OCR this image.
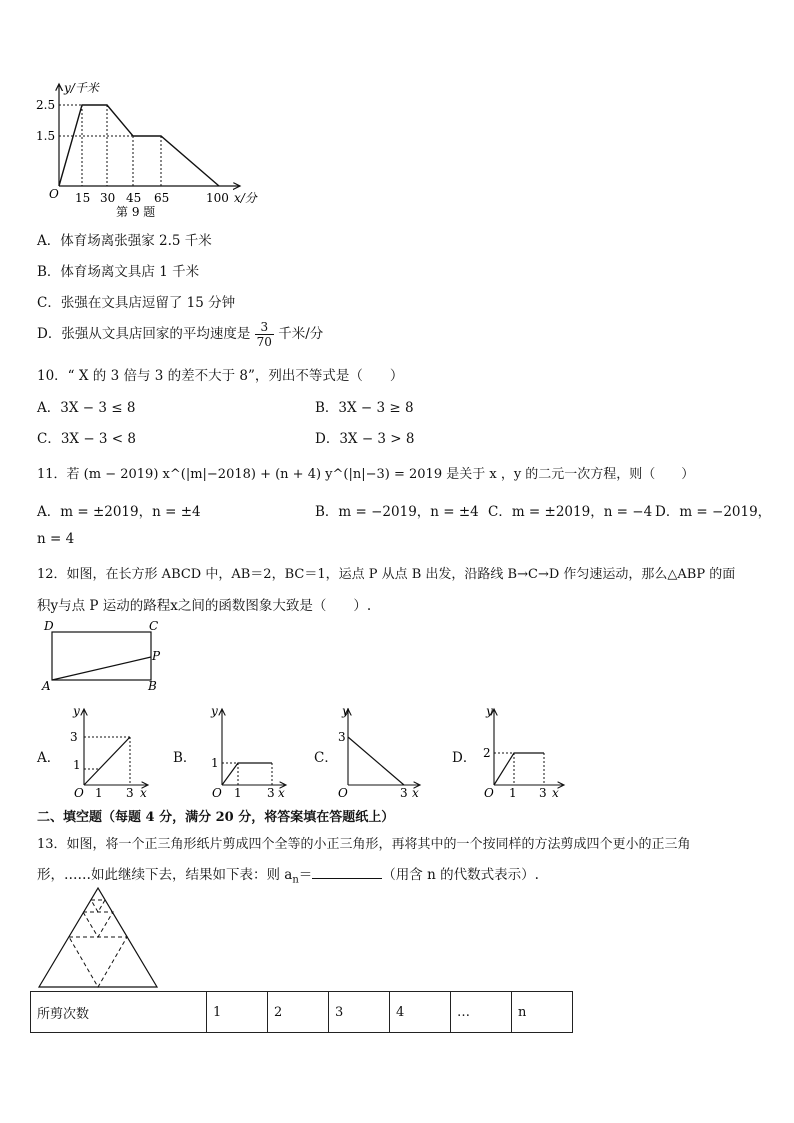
y/千米
2.5
1.5
O 15 30 45 65	100 x/分
第 9 题
A．体育场离张强家 2.5 千米
B．体育场离文具店 1 千米
C．张强在文具店逗留了 15 分钟
D．张强从文具店回家的平均速度是 $\frac{3}{70}$ 千米/分
10．“ X 的 3 倍与 3 的差不大于 8”，列出不等式是（　　）
A．3X − 3 ≤ 8	B．3X − 3 ≥ 8
C．3X − 3 < 8	D．3X − 3 > 8
11．若 (m − 2019) x^(|m|−2018) + (n + 4) y^(|n|−3) = 2019 是关于 x ，y 的二元一次方程，则（　　）
A．m = ±2019，n = ±4	B．m = −2019，n = ±4 C．m = ±2019，n = −4 D．m = −2019，
n = 4
12．如图，在长方形 ABCD 中，AB＝2，BC＝1，运点 P 从点 B 出发，沿路线 B→C→D 作匀速运动，那么△ABP 的面
积y与点 P 运动的路程x之间的函数图象大致是（　　）.
D	C
P
A	B
A．
y
3
1
O 1 3 x
B．
y
1
O 1 3 x
C．
y
3
O	3 x
D．
y
2
O 1 3 x
二、填空题（每题 4 分，满分 20 分，将答案填在答题纸上）
13．如图，将一个正三角形纸片剪成四个全等的小正三角形，再将其中的一个按同样的方法剪成四个更小的正三角
形，……如此继续下去，结果如下表：则 $a_n=$	（用含 n 的代数式表示）.
所剪次数	1	2	3	4	…	n
